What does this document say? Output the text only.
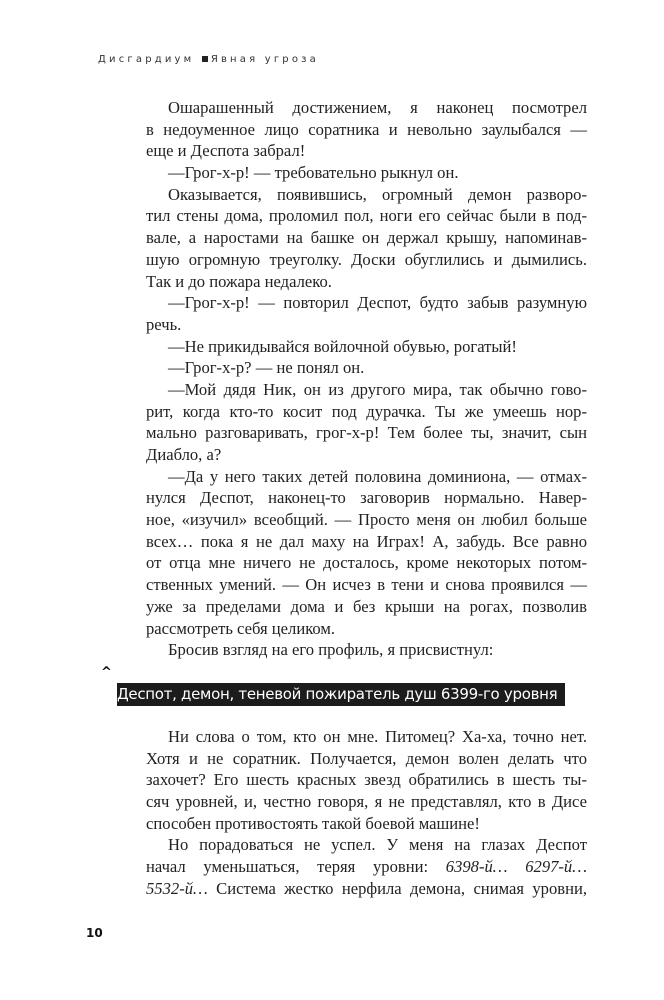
Дисгардиум Явная угроза
Ошарашенный достижением, я наконец посмотрел
в недоуменное лицо соратника и невольно заулыбался —
еще и Деспота забрал!
—Грог-х-р! — требовательно рыкнул он.
Оказывается, появившись, огромный демон разворо-
тил стены дома, проломил пол, ноги его сейчас были в под-
вале, а наростами на башке он держал крышу, напоминав-
шую огромную треуголку. Доски обуглились и дымились.
Так и до пожара недалеко.
—Грог-х-р! — повторил Деспот, будто забыв разумную
речь.
—Не прикидывайся войлочной обувью, рогатый!
—Грог-х-р? — не понял он.
—Мой дядя Ник, он из другого мира, так обычно гово-
рит, когда кто-то косит под дурачка. Ты же умеешь нор-
мально разговаривать, грог-х-р! Тем более ты, значит, сын
Диабло, а?
—Да у него таких детей половина доминиона, — отмах-
нулся Деспот, наконец-то заговорив нормально. Навер-
ное, «изучил» всеобщий. — Просто меня он любил больше
всех… пока я не дал маху на Играх! А, забудь. Все равно
от отца мне ничего не досталось, кроме некоторых потом-
ственных умений. — Он исчез в тени и снова проявился —
уже за пределами дома и без крыши на рогах, позволив
рассмотреть себя целиком.
Бросив взгляд на его профиль, я присвистнул:
^
Деспот, демон, теневой пожиратель душ 6399-го уровня
Ни слова о том, кто он мне. Питомец? Ха-ха, точно нет.
Хотя и не соратник. Получается, демон волен делать что
захочет? Его шесть красных звезд обратились в шесть ты-
сяч уровней, и, честно говоря, я не представлял, кто в Дисе
способен противостоять такой боевой машине!
Но порадоваться не успел. У меня на глазах Деспот
начал уменьшаться, теряя уровни: 6398-й… 6297-й…
5532-й… Система жестко нерфила демона, снимая уровни,
10
